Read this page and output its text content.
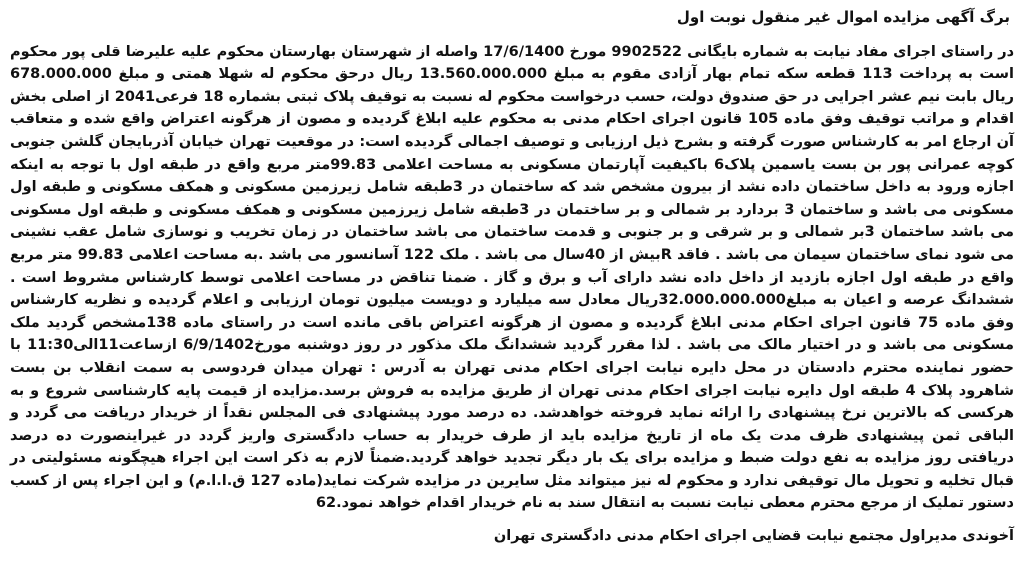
برگ آگهی مزایده اموال غیر منقول نوبت اول
در راستای اجرای مفاد نیابت به شماره بایگانی 9902522 مورخ 17/6/1400 واصله از شهرستان بهارستان محکوم علیه علیرضا قلی پور محکوم است به پرداخت 113 قطعه سکه تمام بهار آزادی مقوم به مبلغ 13.560.000.000 ریال درحق محکوم له شهلا همتی و مبلغ 678.000.000 ریال بابت نیم عشر اجرایی در حق صندوق دولت، حسب درخواست محکوم له نسبت به توقیف پلاک ثبتی بشماره 18 فرعی2041 از اصلی بخش اقدام و مراتب توقیف وفق ماده 105 قانون اجرای احکام مدنی به محکوم علیه ابلاغ گردیده و مصون از هرگونه اعتراض واقع شده و متعاقب آن ارجاع امر به کارشناس صورت گرفته و بشرح ذیل ارزیابی و توصیف اجمالی گردیده است: در موقعیت تهران خیابان آذربایجان گلشن جنوبی کوچه عمرانی پور بن بست یاسمین پلاک6 باکیفیت آپارتمان مسکونی به مساحت اعلامی 99.83متر مربع واقع در طبقه اول با توجه به اینکه اجازه ورود به داخل ساختمان داده نشد از بیرون مشخص شد که ساختمان در 3طبقه شامل زیرزمین مسکونی و همکف مسکونی و طبقه اول مسکونی می باشد و ساختمان 3 بردارد بر شمالی و بر ساختمان در 3طبقه شامل زیرزمین مسکونی و همکف مسکونی و طبقه اول مسکونی می باشد ساختمان 3بر شمالی و بر شرقی و بر جنوبی و قدمت ساختمان می باشد ساختمان در زمان تخریب و نوسازی شامل عقب نشینی می شود نمای ساختمان سیمان می باشد . فاقد Rبیش از 40سال می باشد . ملک 122 آسانسور می باشد .به مساحت اعلامی 99.83 متر مربع واقع در طبقه اول اجازه بازدید از داخل داده نشد دارای آب و برق و گاز . ضمنا تناقض در مساحت اعلامی توسط کارشناس مشروط است . ششدانگ عرصه و اعیان به مبلغ32.000.000.000ریال معادل سه میلیارد و دویست میلیون تومان ارزیابی و اعلام گردیده و نظریه کارشناس وفق ماده 75 قانون اجرای احکام مدنی ابلاغ گردیده و مصون از هرگونه اعتراض باقی مانده است در راستای ماده 138مشخص گردید ملک مسکونی می باشد و در اختیار مالک می باشد . لذا مقرر گردید ششدانگ ملک مذکور در روز دوشنبه مورخ6/9/1402 ازساعت11الی11:30 با حضور نماینده محترم دادستان در محل دایره نیابت اجرای احکام مدنی تهران به آدرس : تهران میدان فردوسی به سمت انقلاب بن بست شاهرود پلاک 4 طبقه اول دایره نیابت اجرای احکام مدنی تهران از طریق مزایده به فروش برسد.مزایده از قیمت پایه کارشناسی شروع و به هرکسی که بالاترین نرخ پیشنهادی را ارائه نماید فروخته خواهدشد. ده درصد مورد پیشنهادی فی المجلس نقداً از خریدار دریافت می گردد و الباقی ثمن پیشنهادی ظرف مدت یک ماه از تاریخ مزایده باید از طرف خریدار به حساب دادگستری واریز گردد در غیراینصورت ده درصد دریافتی روز مزایده به نفع دولت ضبط و مزایده برای یک بار دیگر تجدید خواهد گردید.ضمناً لازم به ذکر است این اجراء هیچگونه مسئولیتی در قبال تخلیه و تحویل مال توقیفی ندارد و محکوم له نیز میتواند مثل سایرین در مزایده شرکت نماید(ماده 127 ق.ا.ا.م) و این اجراء پس از کسب دستور تملیک از مرجع محترم معطی نیابت نسبت به انتقال سند به نام خریدار اقدام خواهد نمود.62
آخوندی مدیراول مجتمع نیابت قضایی اجرای احکام مدنی دادگستری تهران
